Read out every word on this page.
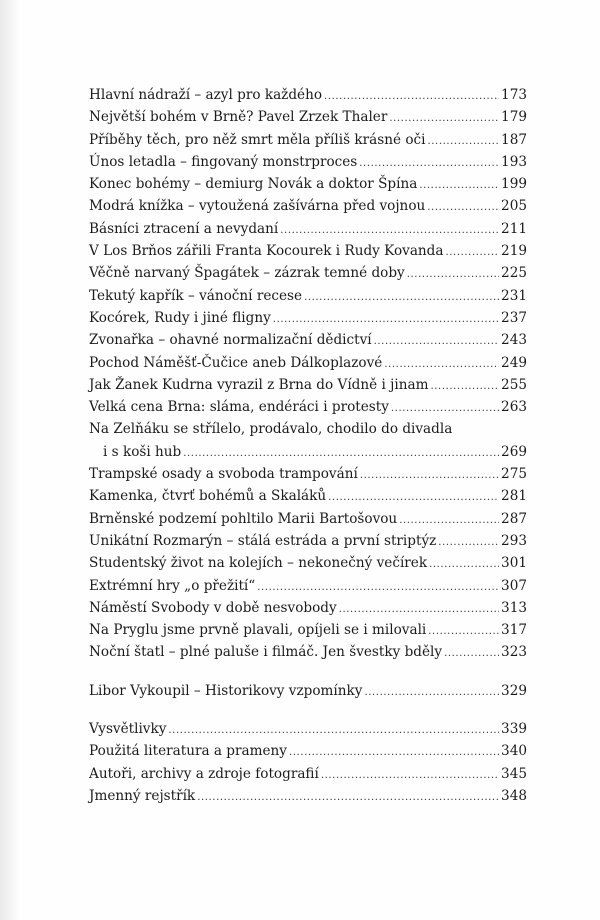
Hlavní nádraží – azyl pro každého .....	173
Největší bohém v Brně? Pavel Zrzek Thaler .....	179
Příběhy těch, pro něž smrt měla příliš krásné oči .....	187
Únos letadla – fingovaný monstrproces .....	193
Konec bohémy – demiurg Novák a doktor Špína .....	199
Modrá knížka – vytoužená zašívárna před vojnou .....	205
Básníci ztracení a nevydaní .....	211
V Los Brňos zářili Franta Kocourek i Rudy Kovanda .....	219
Věčně narvaný Špagátek – zázrak temné doby .....	225
Tekutý kapřík – vánoční recese .....	231
Kocórek, Rudy i jiné fligny .....	237
Zvonařka – ohavné normalizační dědictví .....	243
Pochod Náměšť-Čučice aneb Dálkoplazové .....	249
Jak Žanek Kudrna vyrazil z Brna do Vídně i jinam .....	255
Velká cena Brna: sláma, endéráci i protesty .....	263
Na Zelňáku se střílelo, prodávalo, chodilo do divadla
i s koši hub .....	269
Trampské osady a svoboda trampování .....	275
Kamenka, čtvrť bohémů a Skaláků .....	281
Brněnské podzemí pohltilo Marii Bartošovou .....	287
Unikátní Rozmarýn – stálá estráda a první striptýz .....	293
Studentský život na kolejích – nekonečný večírek .....	301
Extrémní hry „o přežití“ .....	307
Náměstí Svobody v době nesvobody .....	313
Na Pryglu jsme prvně plavali, opíjeli se i milovali .....	317
Noční štatl – plné paluše i filmáč. Jen švestky bděly .....	323
Libor Vykoupil – Historikovy vzpomínky .....	329
Vysvětlivky .....	339
Použitá literatura a prameny .....	340
Autoři, archivy a zdroje fotografií .....	345
Jmenný rejstřík .....	348
